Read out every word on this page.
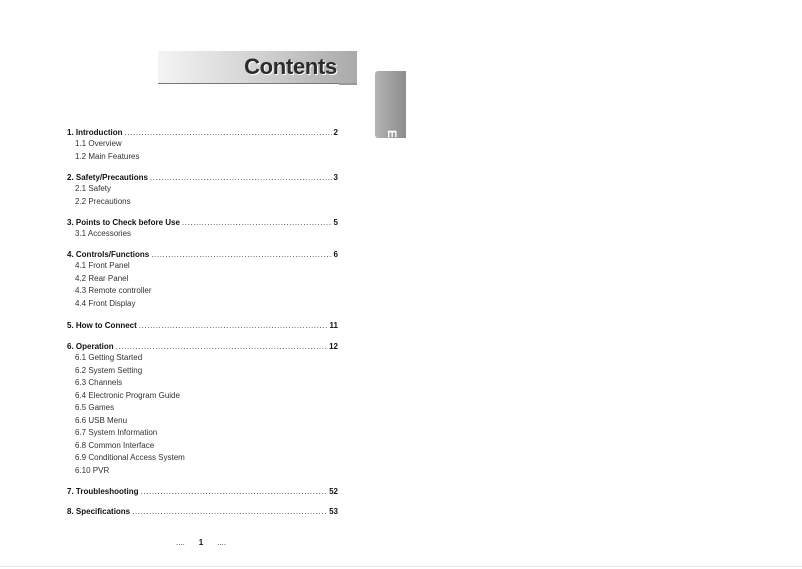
Contents
English
1. Introduction .....	2
1.1 Overview
1.2 Main Features
2. Safety/Precautions .....	3
2.1 Safety
2.2 Precautions
3. Points to Check before Use .....	5
3.1 Accessories
4. Controls/Functions .....	6
4.1 Front Panel
4.2 Rear Panel
4.3 Remote controller
4.4 Front Display
5. How to Connect .....	11
6. Operation .....	12
6.1 Getting Started
6.2 System Setting
6.3 Channels
6.4 Electronic Program Guide
6.5 Games
6.6 USB Menu
6.7 System Information
6.8 Common Interface
6.9 Conditional Access System
6.10 PVR
7. Troubleshooting .....	52
8. Specifications .....	53
.... 1 ....
